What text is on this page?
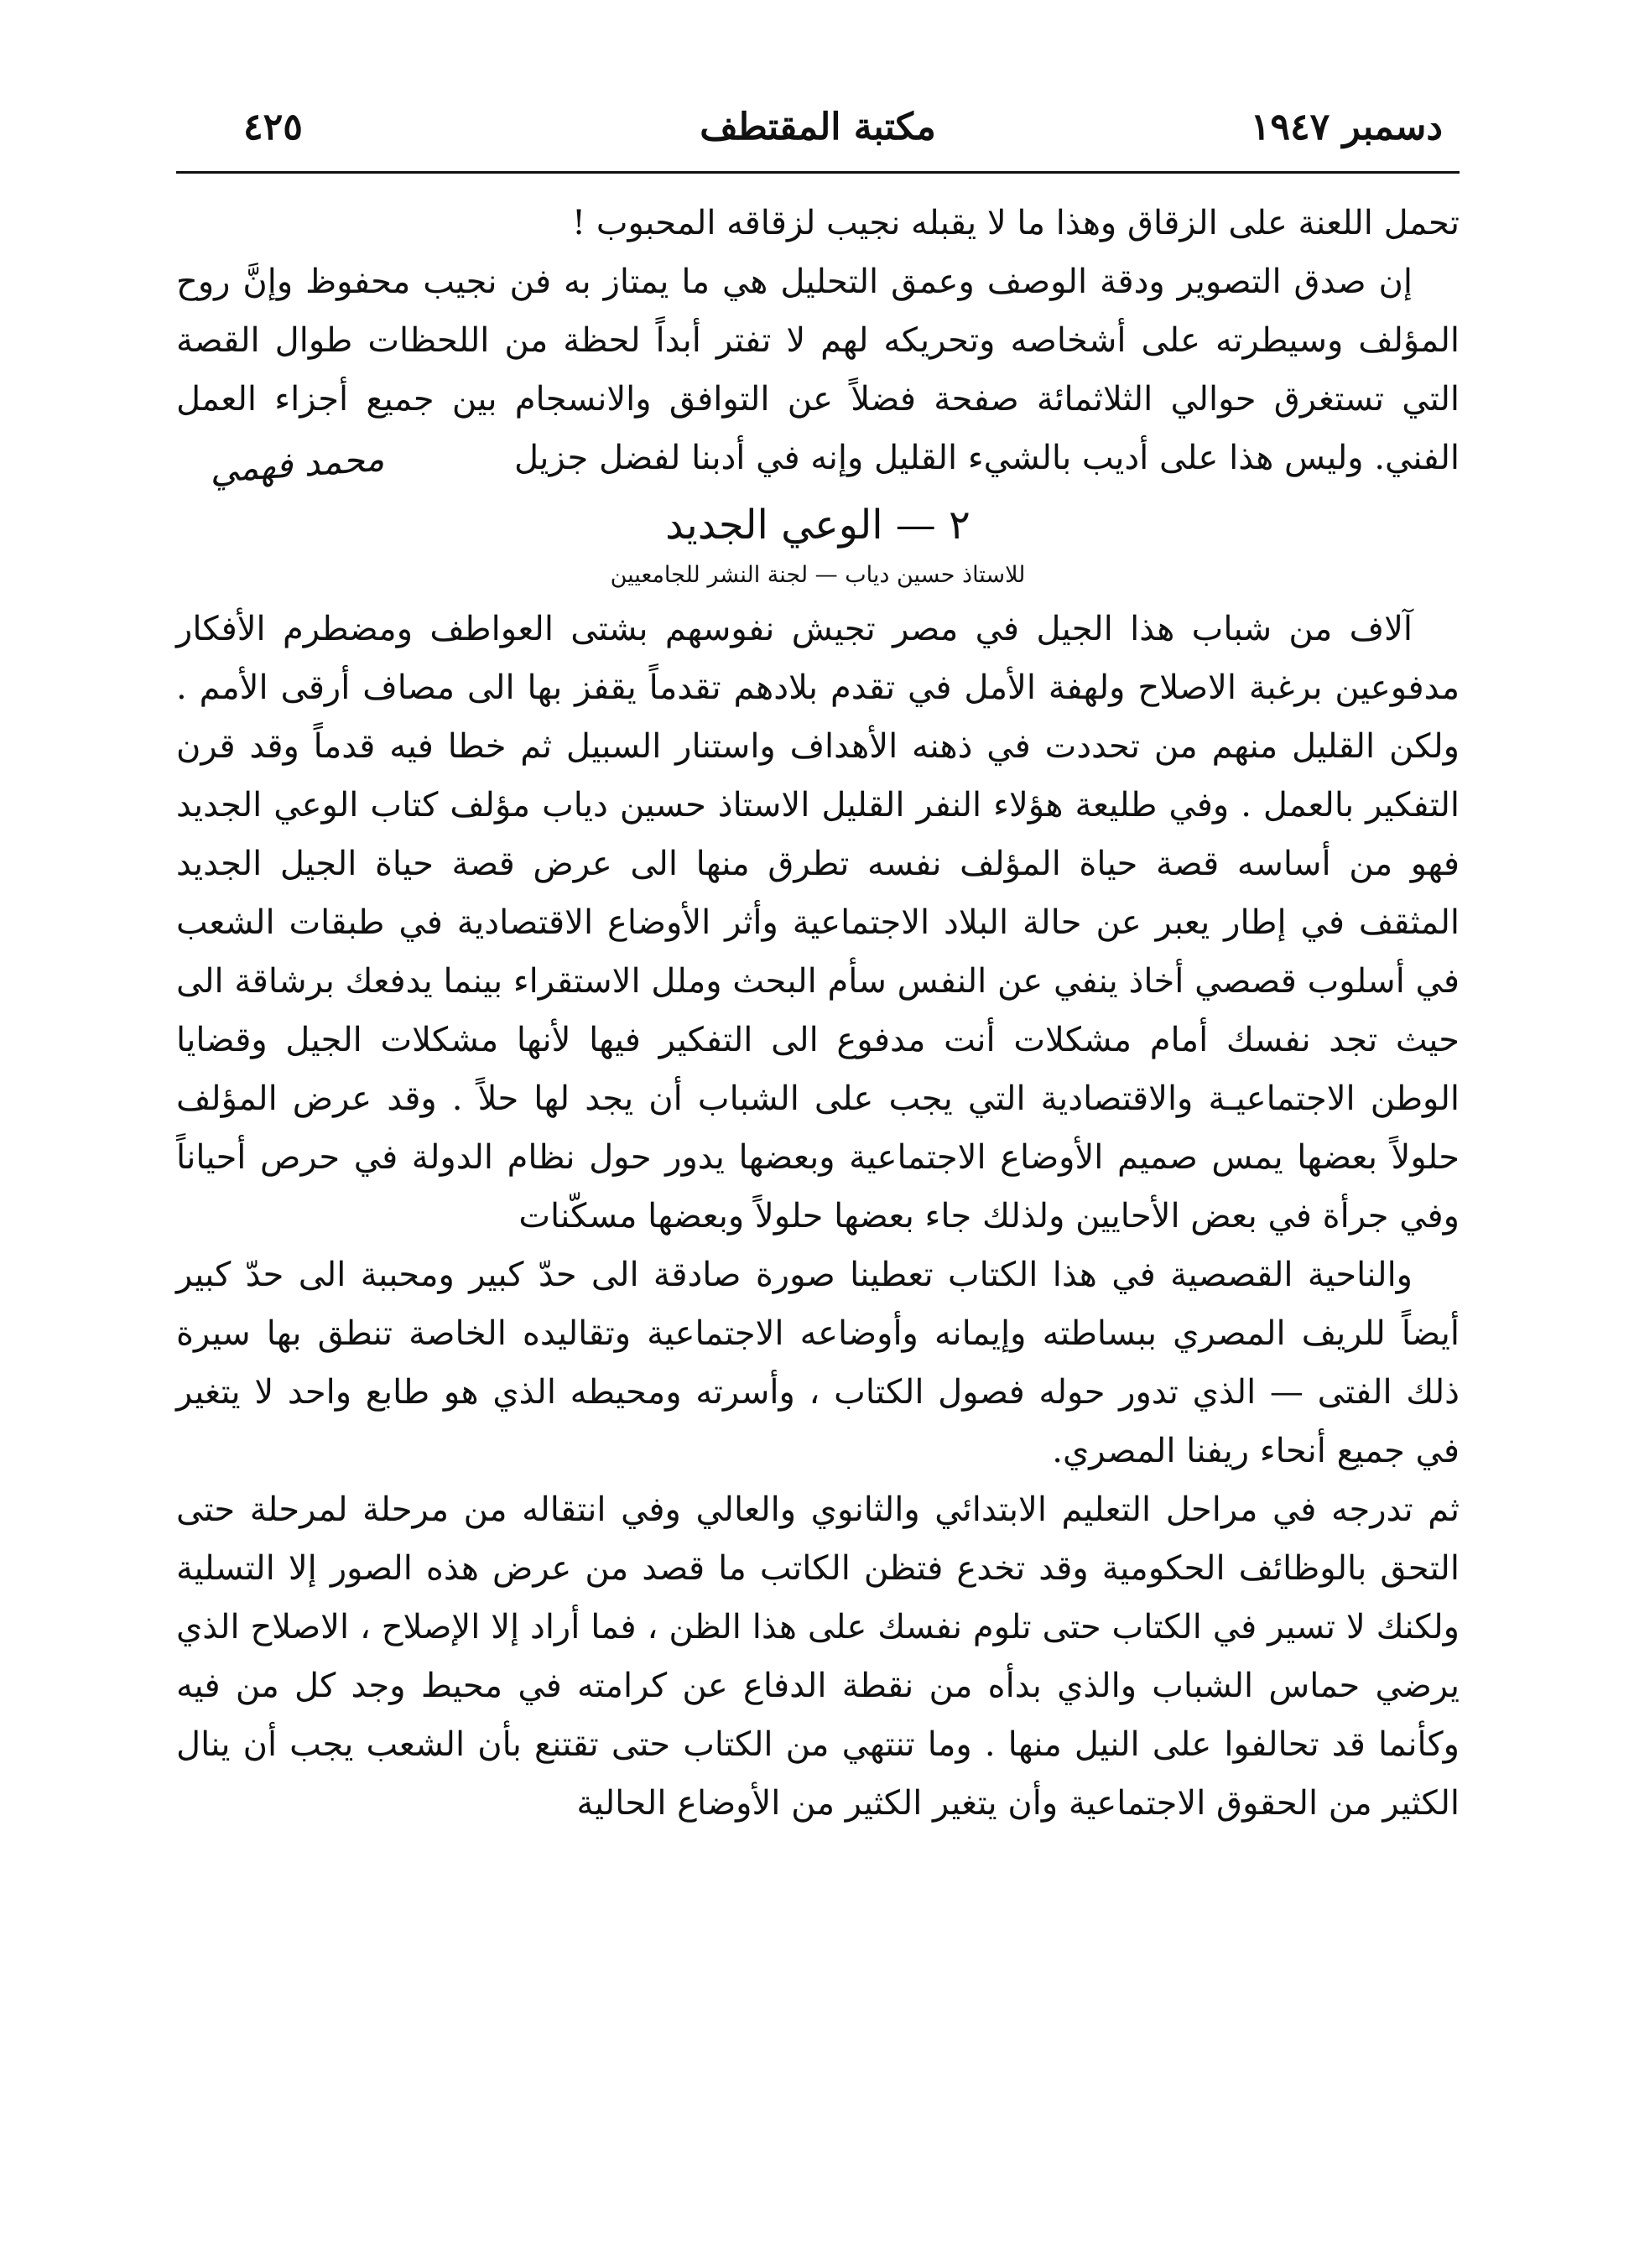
دسمبر ١٩٤٧
مكتبة المقتطف
٤٢٥

تحمل اللعنة على الزقاق وهذا ما لا يقبله نجيب لزقاقه المحبوب !

إن صدق التصوير ودقة الوصف وعمق التحليل هي ما يمتاز به فن نجيب محفوظ وإنَّ روح المؤلف وسيطرته على أشخاصه وتحريكه لهم لا تفتر أبداً لحظة من اللحظات طوال القصة التي تستغرق حوالي الثلاثمائة صفحة فضلاً عن التوافق والانسجام بين جميع أجزاء العمل الفني. وليس هذا على أديب بالشيء القليل وإنه في أدبنا لفضل جزيل
محمد فهمي

٢ — الوعي الجديد
للاستاذ حسين دياب — لجنة النشر للجامعيين

آلاف من شباب هذا الجيل في مصر تجيش نفوسهم بشتى العواطف ومضطرم الأفكار مدفوعين برغبة الاصلاح ولهفة الأمل في تقدم بلادهم تقدماً يقفز بها الى مصاف أرقى الأمم . ولكن القليل منهم من تحددت في ذهنه الأهداف واستنار السبيل ثم خطا فيه قدماً وقد قرن التفكير بالعمل . وفي طليعة هؤلاء النفر القليل الاستاذ حسين دياب مؤلف كتاب الوعي الجديد فهو من أساسه قصة حياة المؤلف نفسه تطرق منها الى عرض قصة حياة الجيل الجديد المثقف في إطار يعبر عن حالة البلاد الاجتماعية وأثر الأوضاع الاقتصادية في طبقات الشعب في أسلوب قصصي أخاذ ينفي عن النفس سأم البحث وملل الاستقراء بينما يدفعك برشاقة الى حيث تجد نفسك أمام مشكلات أنت مدفوع الى التفكير فيها لأنها مشكلات الجيل وقضايا الوطن الاجتماعيـة والاقتصادية التي يجب على الشباب أن يجد لها حلاً . وقد عرض المؤلف حلولاً بعضها يمس صميم الأوضاع الاجتماعية وبعضها يدور حول نظام الدولة في حرص أحياناً وفي جرأة في بعض الأحايين ولذلك جاء بعضها حلولاً وبعضها مسكّنات

والناحية القصصية في هذا الكتاب تعطينا صورة صادقة الى حدّ كبير ومحببة الى حدّ كبير أيضاً للريف المصري ببساطته وإيمانه وأوضاعه الاجتماعية وتقاليده الخاصة تنطق بها سيرة ذلك الفتى — الذي تدور حوله فصول الكتاب ، وأسرته ومحيطه الذي هو طابع واحد لا يتغير في جميع أنحاء ريفنا المصري.

ثم تدرجه في مراحل التعليم الابتدائي والثانوي والعالي وفي انتقاله من مرحلة لمرحلة حتى التحق بالوظائف الحكومية وقد تخدع فتظن الكاتب ما قصد من عرض هذه الصور إلا التسلية ولكنك لا تسير في الكتاب حتى تلوم نفسك على هذا الظن ، فما أراد إلا الإصلاح ، الاصلاح الذي يرضي حماس الشباب والذي بدأه من نقطة الدفاع عن كرامته في محيط وجد كل من فيه وكأنما قد تحالفوا على النيل منها . وما تنتهي من الكتاب حتى تقتنع بأن الشعب يجب أن ينال الكثير من الحقوق الاجتماعية وأن يتغير الكثير من الأوضاع الحالية
